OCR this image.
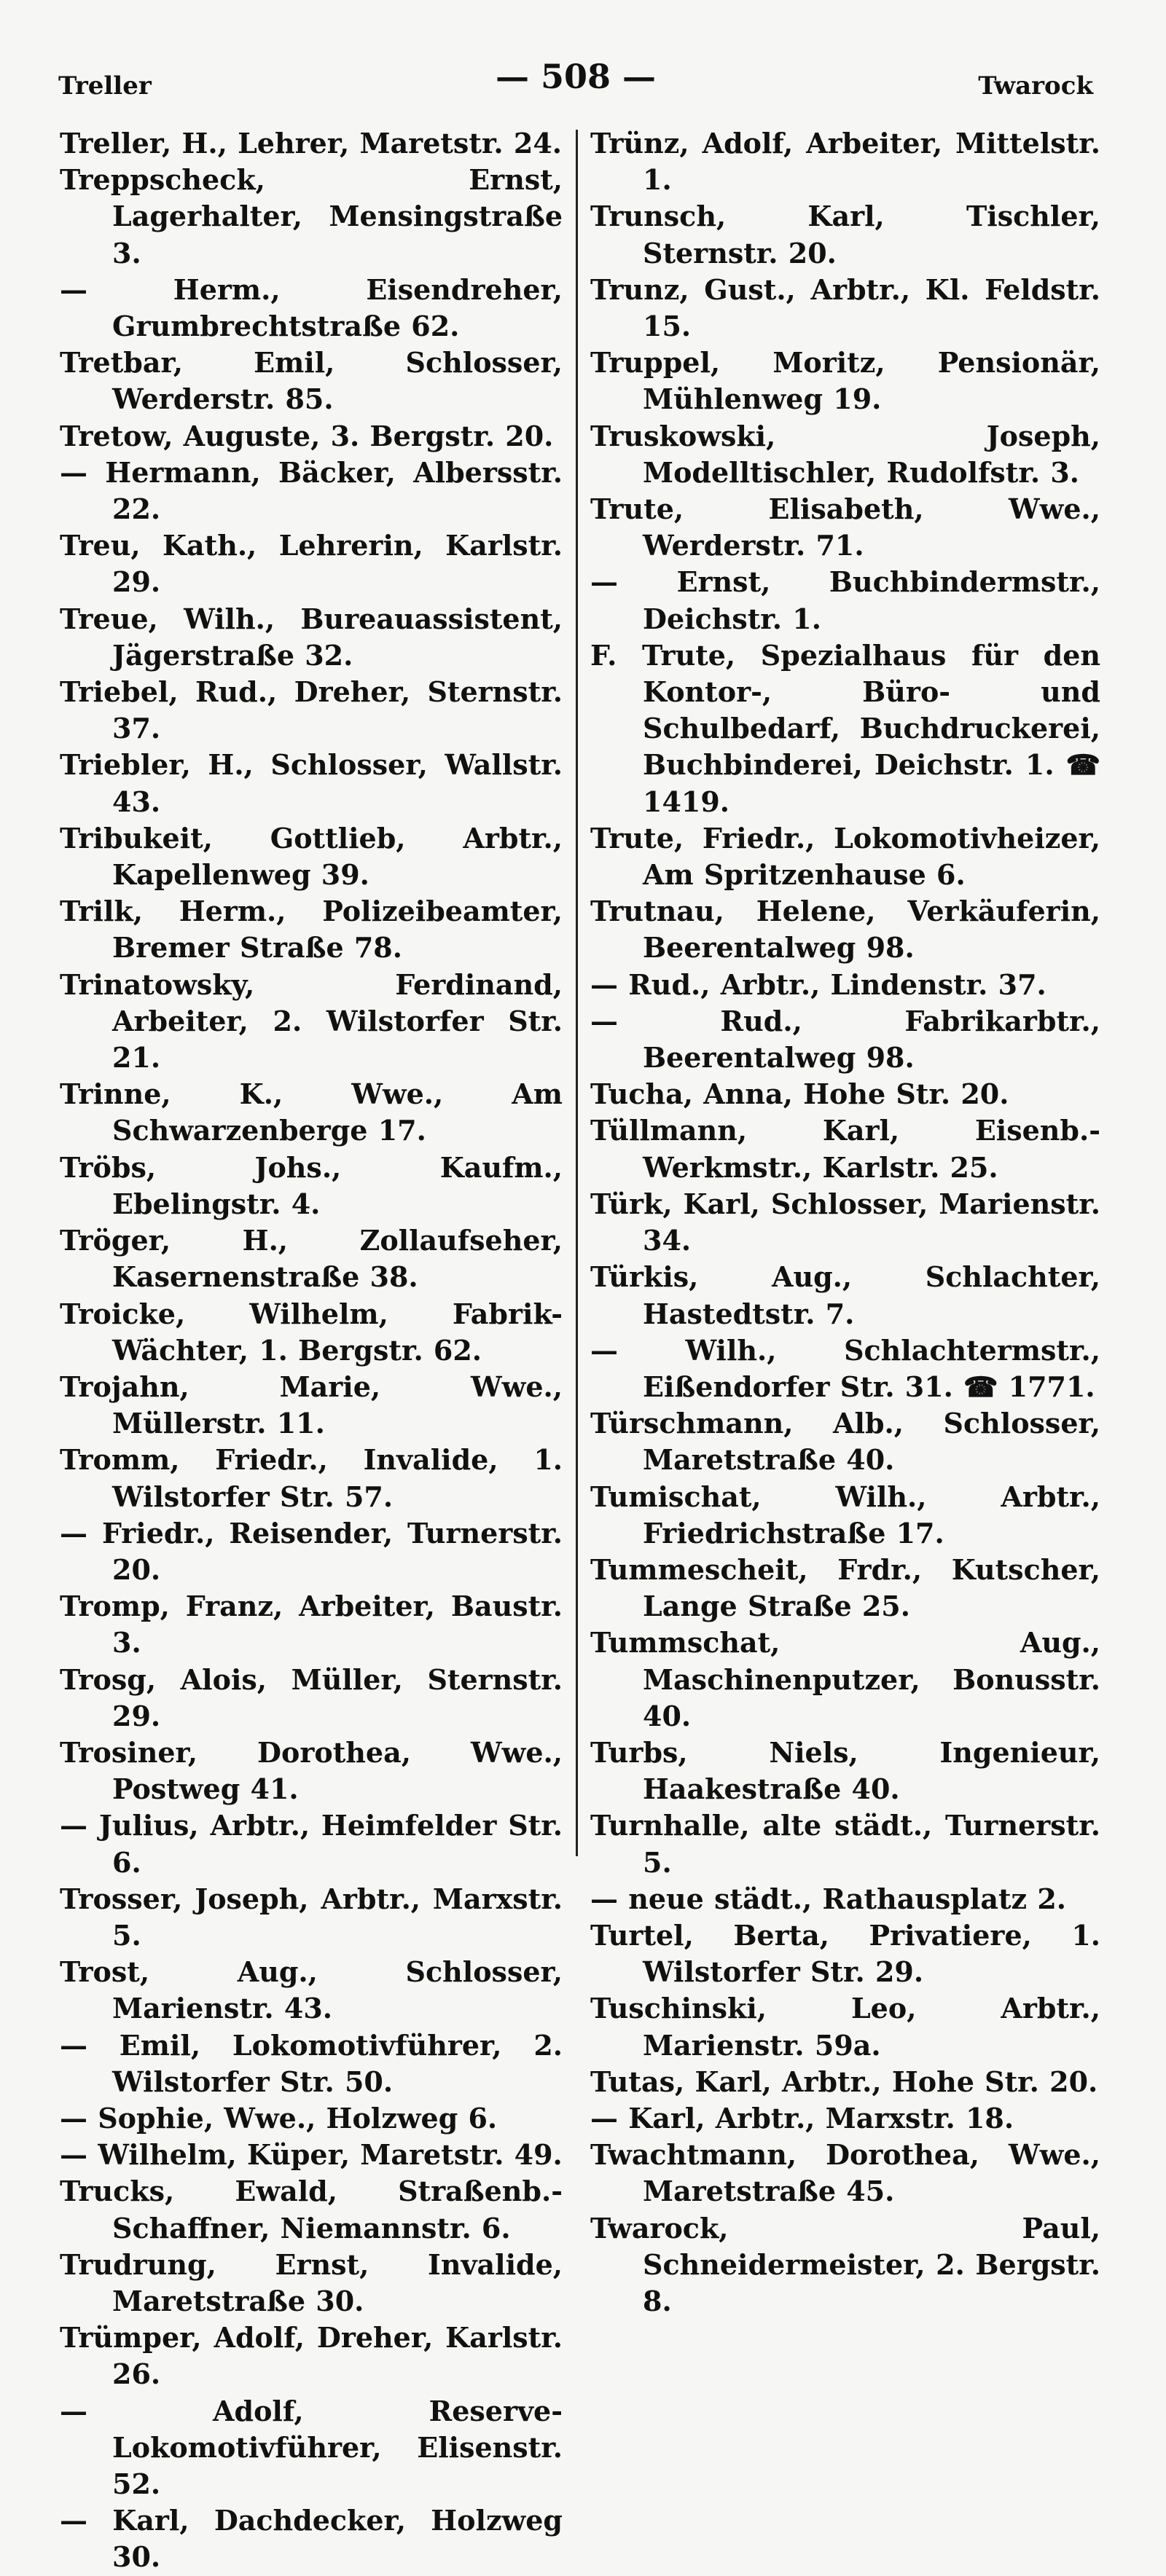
Treller	— 508 —	Twarock
Treller, H., Lehrer, Maretstr. 24.
Treppscheck, Ernst, Lagerhalter, Mensingstraße 3.
— Herm., Eisendreher, Grumbrechtstraße 62.
Tretbar, Emil, Schlosser, Werderstr. 85.
Tretow, Auguste, 3. Bergstr. 20.
— Hermann, Bäcker, Albersstr. 22.
Treu, Kath., Lehrerin, Karlstr. 29.
Treue, Wilh., Bureauassistent, Jägerstraße 32.
Triebel, Rud., Dreher, Sternstr. 37.
Triebler, H., Schlosser, Wallstr. 43.
Tribukeit, Gottlieb, Arbtr., Kapellenweg 39.
Trilk, Herm., Polizeibeamter, Bremer Straße 78.
Trinatowsky, Ferdinand, Arbeiter, 2. Wilstorfer Str. 21.
Trinne, K., Wwe., Am Schwarzenberge 17.
Tröbs, Johs., Kaufm., Ebelingstr. 4.
Tröger, H., Zollaufseher, Kasernenstraße 38.
Troicke, Wilhelm, Fabrik-Wächter, 1. Bergstr. 62.
Trojahn, Marie, Wwe., Müllerstr. 11.
Tromm, Friedr., Invalide, 1. Wilstorfer Str. 57.
— Friedr., Reisender, Turnerstr. 20.
Tromp, Franz, Arbeiter, Baustr. 3.
Trosg, Alois, Müller, Sternstr. 29.
Trosiner, Dorothea, Wwe., Postweg 41.
— Julius, Arbtr., Heimfelder Str. 6.
Trosser, Joseph, Arbtr., Marxstr. 5.
Trost, Aug., Schlosser, Marienstr. 43.
— Emil, Lokomotivführer, 2. Wilstorfer Str. 50.
— Sophie, Wwe., Holzweg 6.
— Wilhelm, Küper, Maretstr. 49.
Trucks, Ewald, Straßenb.-Schaffner, Niemannstr. 6.
Trudrung, Ernst, Invalide, Maretstraße 30.
Trümper, Adolf, Dreher, Karlstr. 26.
— Adolf, Reserve-Lokomotivführer, Elisenstr. 52.
— Karl, Dachdecker, Holzweg 30.
Trünz, Adolf, Arbeiter, Mittelstr. 1.
Trunsch, Karl, Tischler, Sternstr. 20.
Trunz, Gust., Arbtr., Kl. Feldstr. 15.
Truppel, Moritz, Pensionär, Mühlenweg 19.
Truskowski, Joseph, Modelltischler, Rudolfstr. 3.
Trute, Elisabeth, Wwe., Werderstr. 71.
— Ernst, Buchbindermstr., Deichstr. 1.
F. Trute, Spezialhaus für den Kontor-, Büro- und Schulbedarf, Buchdruckerei, Buchbinderei, Deichstr. 1. ☎ 1419.
Trute, Friedr., Lokomotivheizer, Am Spritzenhause 6.
Trutnau, Helene, Verkäuferin, Beerentalweg 98.
— Rud., Arbtr., Lindenstr. 37.
— Rud., Fabrikarbtr., Beerentalweg 98.
Tucha, Anna, Hohe Str. 20.
Tüllmann, Karl, Eisenb.-Werkmstr., Karlstr. 25.
Türk, Karl, Schlosser, Marienstr. 34.
Türkis, Aug., Schlachter, Hastedtstr. 7.
— Wilh., Schlachtermstr., Eißendorfer Str. 31. ☎ 1771.
Türschmann, Alb., Schlosser, Maretstraße 40.
Tumischat, Wilh., Arbtr., Friedrichstraße 17.
Tummescheit, Frdr., Kutscher, Lange Straße 25.
Tummschat, Aug., Maschinenputzer, Bonusstr. 40.
Turbs, Niels, Ingenieur, Haakestraße 40.
Turnhalle, alte städt., Turnerstr. 5.
— neue städt., Rathausplatz 2.
Turtel, Berta, Privatiere, 1. Wilstorfer Str. 29.
Tuschinski, Leo, Arbtr., Marienstr. 59a.
Tutas, Karl, Arbtr., Hohe Str. 20.
— Karl, Arbtr., Marxstr. 18.
Twachtmann, Dorothea, Wwe., Maretstraße 45.
Twarock, Paul, Schneidermeister, 2. Bergstr. 8.
